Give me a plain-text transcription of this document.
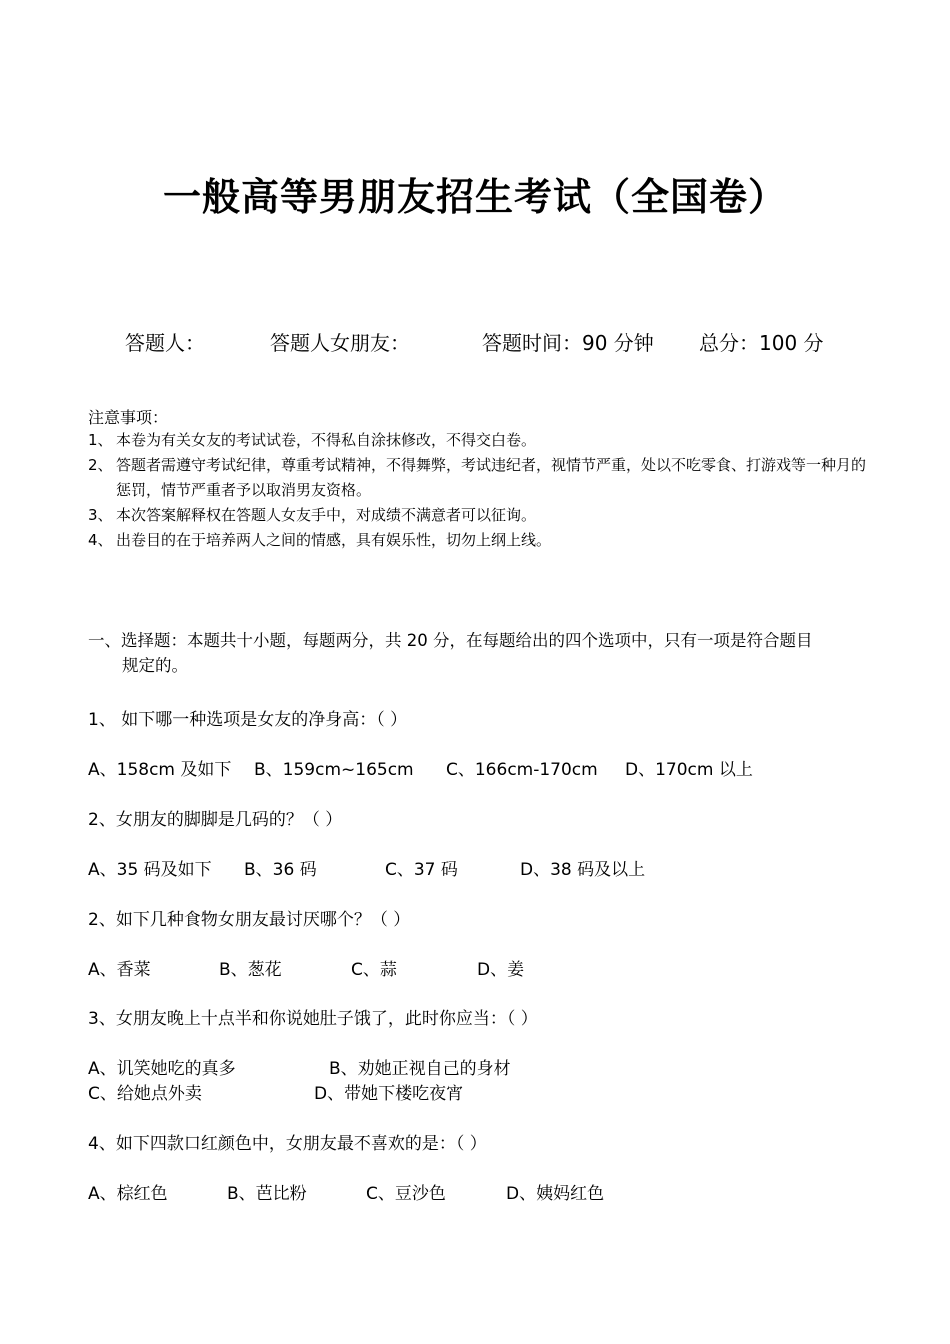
一般高等男朋友招生考试（全国卷）
答题人：	答题人女朋友：	答题时间：90 分钟 总分：100 分
注意事项：
1、 本卷为有关女友的考试试卷，不得私自涂抹修改，不得交白卷。
2、 答题者需遵守考试纪律，尊重考试精神，不得舞弊，考试违纪者，视情节严重，处以不吃零食、打游戏等一种月的惩罚，情节严重者予以取消男友资格。
3、 本次答案解释权在答题人女友手中，对成绩不满意者可以征询。
4、 出卷目的在于培养两人之间的情感，具有娱乐性，切勿上纲上线。
一、选择题：本题共十小题，每题两分，共 20 分，在每题给出的四个选项中，只有一项是符合题目
规定的。
1、 如下哪一种选项是女友的净身高：（ ）
A、158cm 及如下 B、159cm~165cm C、166cm-170cm D、170cm 以上
2、女朋友的脚脚是几码的？（ ）
A、35 码及如下 B、36 码	C、37 码	D、38 码及以上
2、如下几种食物女朋友最讨厌哪个？（ ）
A、香菜	B、葱花	C、蒜	D、姜
3、女朋友晚上十点半和你说她肚子饿了，此时你应当：（ ）
A、讥笑她吃的真多	B、劝她正视自己的身材
C、给她点外卖	D、带她下楼吃夜宵
4、如下四款口红颜色中，女朋友最不喜欢的是：（ ）
A、棕红色	B、芭比粉	C、豆沙色	D、姨妈红色
